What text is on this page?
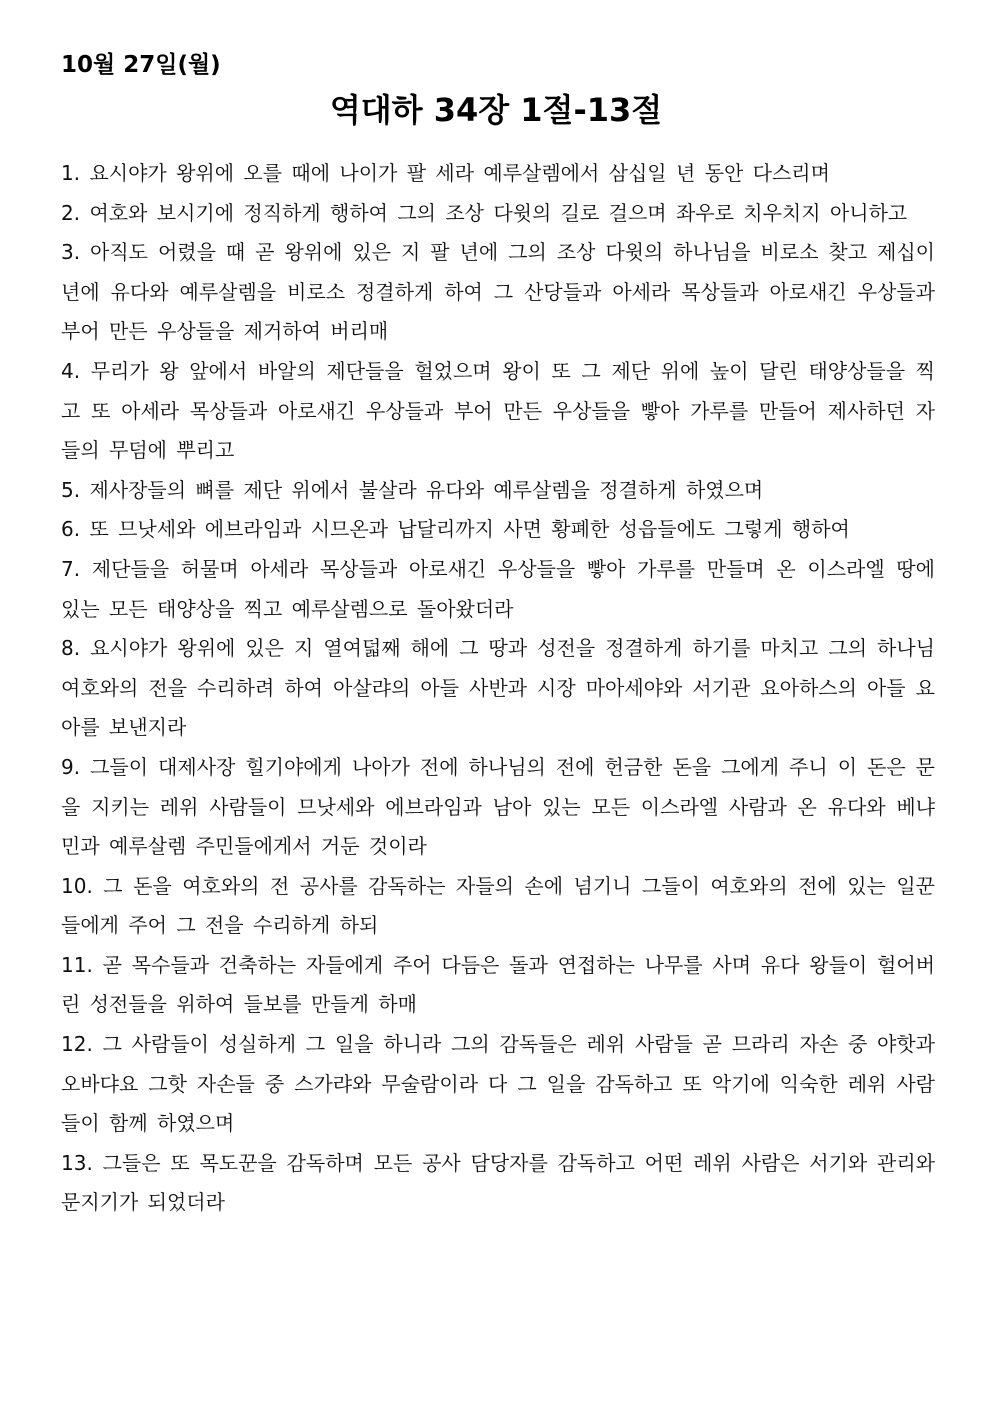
10월 27일(월)
역대하 34장 1절-13절

1. 요시야가 왕위에 오를 때에 나이가 팔 세라 예루살렘에서 삼십일 년 동안 다스리며

2. 여호와 보시기에 정직하게 행하여 그의 조상 다윗의 길로 걸으며 좌우로 치우치지 아니하고

3. 아직도 어렸을 때 곧 왕위에 있은 지 팔 년에 그의 조상 다윗의 하나님을 비로소 찾고 제십이년에 유다와 예루살렘을 비로소 정결하게 하여 그 산당들과 아세라 목상들과 아로새긴 우상들과 부어 만든 우상들을 제거하여 버리매

4. 무리가 왕 앞에서 바알의 제단들을 헐었으며 왕이 또 그 제단 위에 높이 달린 태양상들을 찍고 또 아세라 목상들과 아로새긴 우상들과 부어 만든 우상들을 빻아 가루를 만들어 제사하던 자들의 무덤에 뿌리고

5. 제사장들의 뼈를 제단 위에서 불살라 유다와 예루살렘을 정결하게 하였으며

6. 또 므낫세와 에브라임과 시므온과 납달리까지 사면 황폐한 성읍들에도 그렇게 행하여

7. 제단들을 허물며 아세라 목상들과 아로새긴 우상들을 빻아 가루를 만들며 온 이스라엘 땅에 있는 모든 태양상을 찍고 예루살렘으로 돌아왔더라

8. 요시야가 왕위에 있은 지 열여덟째 해에 그 땅과 성전을 정결하게 하기를 마치고 그의 하나님 여호와의 전을 수리하려 하여 아살랴의 아들 사반과 시장 마아세야와 서기관 요아하스의 아들 요아를 보낸지라

9. 그들이 대제사장 힐기야에게 나아가 전에 하나님의 전에 헌금한 돈을 그에게 주니 이 돈은 문을 지키는 레위 사람들이 므낫세와 에브라임과 남아 있는 모든 이스라엘 사람과 온 유다와 베냐민과 예루살렘 주민들에게서 거둔 것이라

10. 그 돈을 여호와의 전 공사를 감독하는 자들의 손에 넘기니 그들이 여호와의 전에 있는 일꾼들에게 주어 그 전을 수리하게 하되

11. 곧 목수들과 건축하는 자들에게 주어 다듬은 돌과 연접하는 나무를 사며 유다 왕들이 헐어버린 성전들을 위하여 들보를 만들게 하매

12. 그 사람들이 성실하게 그 일을 하니라 그의 감독들은 레위 사람들 곧 므라리 자손 중 야핫과 오바댜요 그핫 자손들 중 스가랴와 무술람이라 다 그 일을 감독하고 또 악기에 익숙한 레위 사람들이 함께 하였으며

13. 그들은 또 목도꾼을 감독하며 모든 공사 담당자를 감독하고 어떤 레위 사람은 서기와 관리와 문지기가 되었더라
